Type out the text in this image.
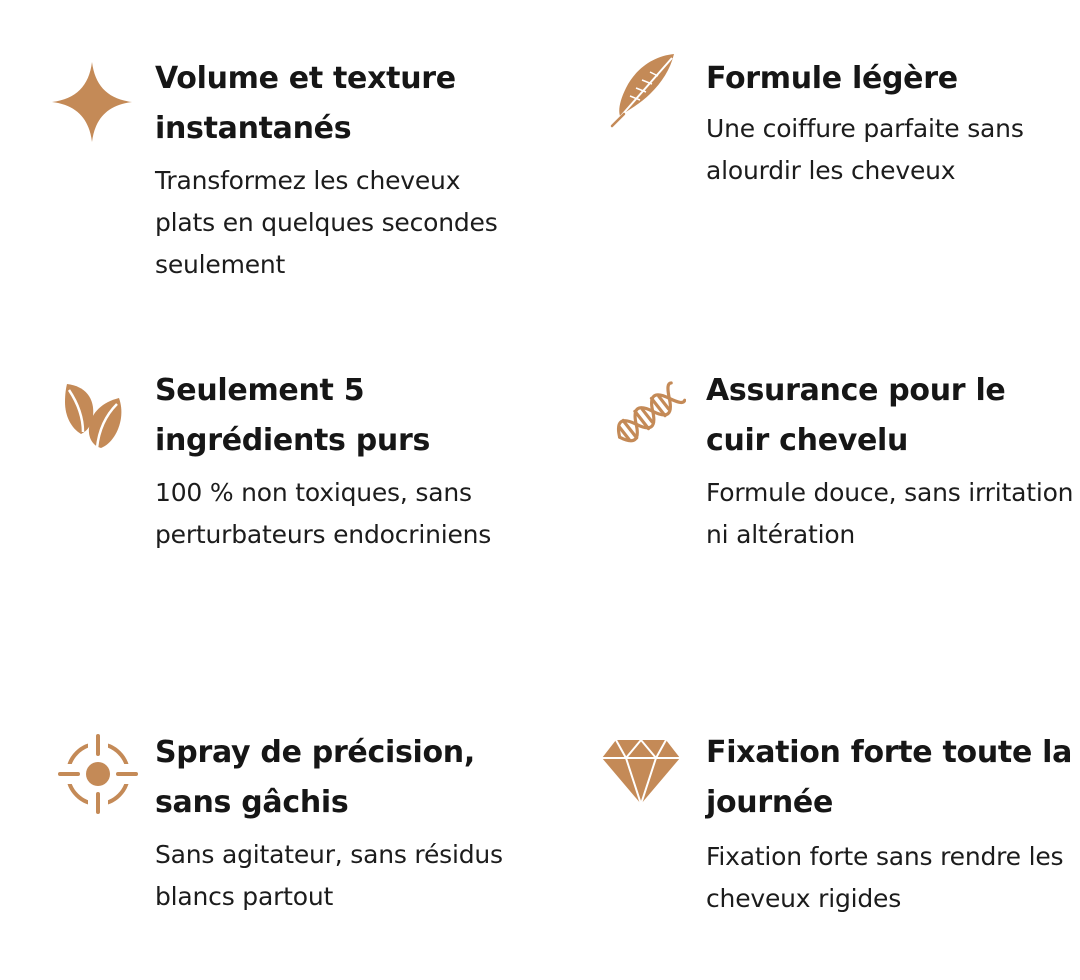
Volume et texture instantanés

Transformez les cheveux plats en quelques secondes seulement

Formule légère

Une coiffure parfaite sans alourdir les cheveux

Seulement 5 ingrédients purs

100 % non toxiques, sans perturbateurs endocriniens

Assurance pour le cuir chevelu

Formule douce, sans irritation ni altération

Spray de précision, sans gâchis

Sans agitateur, sans résidus blancs partout

Fixation forte toute la journée

Fixation forte sans rendre les cheveux rigides
